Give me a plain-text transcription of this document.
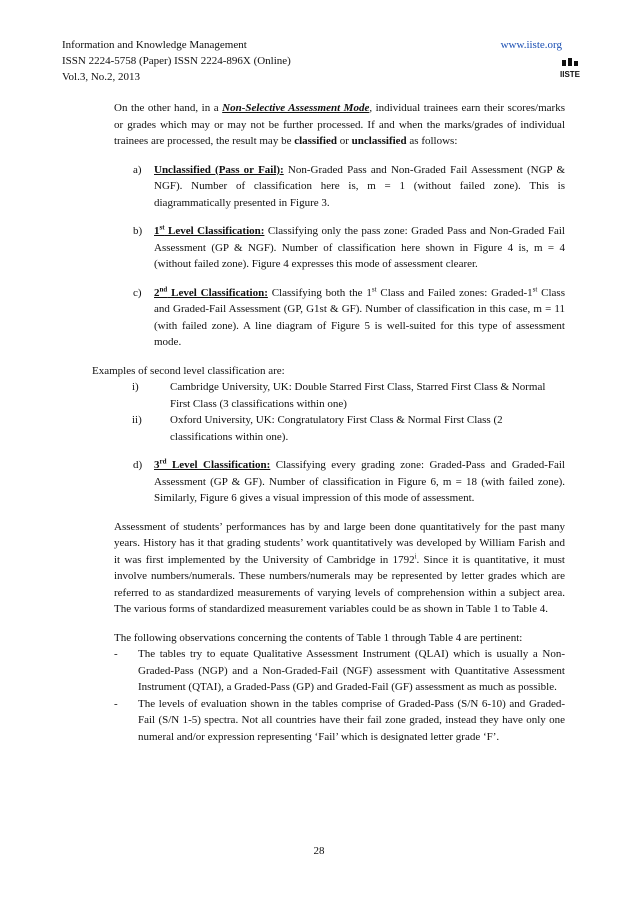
Information and Knowledge Management
ISSN 2224-5758 (Paper) ISSN 2224-896X (Online)
Vol.3, No.2, 2013
www.iiste.org
IISTE

On the other hand, in a Non-Selective Assessment Mode, individual trainees earn their scores/marks or grades which may or may not be further processed. If and when the marks/grades of individual trainees are processed, the result may be classified or unclassified as follows:

a) Unclassified (Pass or Fail): Non-Graded Pass and Non-Graded Fail Assessment (NGP & NGF). Number of classification here is, m = 1 (without failed zone). This is diagrammatically presented in Figure 3.
b) 1st Level Classification: Classifying only the pass zone: Graded Pass and Non-Graded Fail Assessment (GP & NGF). Number of classification here shown in Figure 4 is, m = 4 (without failed zone). Figure 4 expresses this mode of assessment clearer.
c) 2nd Level Classification: Classifying both the 1st Class and Failed zones: Graded-1st Class and Graded-Fail Assessment (GP, G1st & GF). Number of classification in this case, m = 11 (with failed zone). A line diagram of Figure 5 is well-suited for this type of assessment mode.
Examples of second level classification are:
i)	Cambridge University, UK: Double Starred First Class, Starred First Class & Normal First Class (3 classifications within one)
ii)	Oxford University, UK: Congratulatory First Class & Normal First Class (2 classifications within one).
d) 3rd Level Classification: Classifying every grading zone: Graded-Pass and Graded-Fail Assessment (GP & GF). Number of classification in Figure 6, m = 18 (with failed zone). Similarly, Figure 6 gives a visual impression of this mode of assessment.

Assessment of students’ performances has by and large been done quantitatively for the past many years. History has it that grading students’ work quantitatively was developed by William Farish and it was first implemented by the University of Cambridge in 1792$^i$. Since it is quantitative, it must involve numbers/numerals. These numbers/numerals may be represented by letter grades which are referred to as standardized measurements of varying levels of comprehension within a subject area. The various forms of standardized measurement variables could be as shown in Table 1 to Table 4.

The following observations concerning the contents of Table 1 through Table 4 are pertinent:
- The tables try to equate Qualitative Assessment Instrument (QLAI) which is usually a Non-Graded-Pass (NGP) and a Non-Graded-Fail (NGF) assessment with Quantitative Assessment Instrument (QTAI), a Graded-Pass (GP) and Graded-Fail (GF) assessment as much as possible.
- The levels of evaluation shown in the tables comprise of Graded-Pass (S/N 6-10) and Graded-Fail (S/N 1-5) spectra. Not all countries have their fail zone graded, instead they have only one numeral and/or expression representing ‘Fail’ which is designated letter grade ‘F’.
28
